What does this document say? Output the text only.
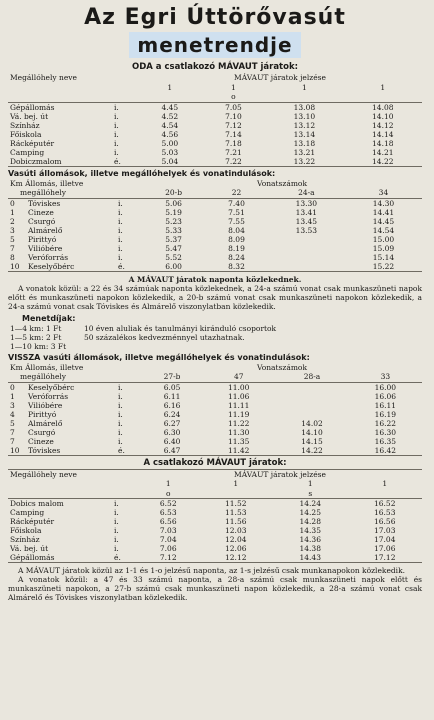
Az Egri Úttörővasút
menetrendje
ODA a csatlakozó MÁVAUT járatok:
Megállóhely neve		MÁVAUT járatok jelzése			
		1	1	1	1
			o		
Gépállomás	i.	4.45	7.05	13.08	14.08
Vá. bej. út	i.	4.52	7.10	13.10	14.10
Színház	i.	4.54	7.12	13.12	14.12
Főiskola	i.	4.56	7.14	13.14	14.14
Rácképutér	i.	5.00	7.18	13.18	14.18
Camping	i.	5.03	7.21	13.21	14.21
Dobiczmalom	é.	5.04	7.22	13.22	14.22
Vasúti állomások, illetve megállóhelyek és vonatindulások:
Km Állomás, illetve			Vonatszámok			
megállóhely			20-b	22	24-a	34
0	Tóviskes	i.	5.06	7.40	13.30	14.30
1	Cineze	i.	5.19	7.51	13.41	14.41
2	Csurgó	i.	5.23	7.55	13.45	14.45
3	Almárelő	i.	5.33	8.04	13.53	14.54
5	Pirittyó	i.	5.37	8.09		15.00
7	Vilióbére	i.	5.47	8.19		15.09
8	Veróforrás	i.	5.52	8.24		15.14
10	Keselyőbérc	é.	6.00	8.32		15.22

A MÁVAUT járatok naponta közlekednek.

A vonatok közül: a 22 és 34 számúak naponta közlekednek, a 24-a számú vonat csak munkaszüneti napok előtt és munkaszüneti napokon közlekedik, a 20-b számú vonat csak munkaszüneti napokon közlekedik, a 24-a számú vonat csak Tóviskes és Almárelő viszonylatban közlekedik.

Menetdíjak:
1—4 km: 1 Ft	10 éven aluliak és tanulmányi kiránduló csoportok
1—5 km: 2 Ft	50 százalékos kedvezménnyel utazhatnak.
1—10 km: 3 Ft	
VISSZA vasúti állomások, illetve megállóhelyek és vonatindulások:
Km Állomás, illetve			Vonatszámok			
megállóhely			27-b	47	28-a	33
0	Keselyőbérc	i.	6.05	11.00		16.00
1	Veróforrás	i.	6.11	11.06		16.06
3	Vilióbére	i.	6.16	11.11		16.11
4	Pirittyó	i.	6.24	11.19		16.19
5	Almárelő	i.	6.27	11.22	14.02	16.22
7	Csurgó	i.	6.30	11.30	14.10	16.30
7	Cineze	i.	6.40	11.35	14.15	16.35
10	Tóviskes	é.	6.47	11.42	14.22	16.42
A csatlakozó MÁVAUT járatok:
Megállóhely neve		MÁVAUT járatok jelzése			
		1	1	1	1
		o		s	
Dobics malom	i.	6.52	11.52	14.24	16.52
Camping	i.	6.53	11.53	14.25	16.53
Rácképutér	i.	6.56	11.56	14.28	16.56
Főiskola	i.	7.03	12.03	14.35	17.03
Színház	i.	7.04	12.04	14.36	17.04
Vá. bej. út	i.	7.06	12.06	14.38	17.06
Gépállomás	é.	7.12	12.12	14.43	17.12

A MÁVAUT járatok közül az 1-1 és 1-o jelzésű naponta, az 1-s jelzésű csak munkanapokon közlekedik.

A vonatok közül: a 47 és 33 számú naponta, a 28-a számú csak munkaszüneti napok előtt és munkaszüneti napokon, a 27-b számú csak munkaszüneti napon közlekedik, a 28-a számú vonat csak Almárelő és Tóviskes viszonylatban közlekedik.
